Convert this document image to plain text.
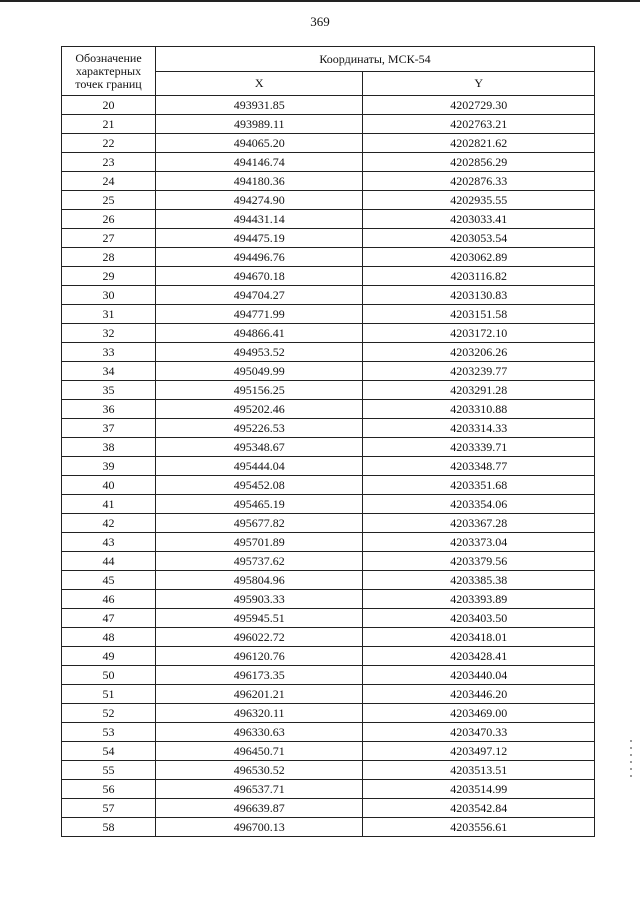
369
Обозначение
характерных
точек границ	Координаты, МСК-54	
	X	Y
20	493931.85	4202729.30
21	493989.11	4202763.21
22	494065.20	4202821.62
23	494146.74	4202856.29
24	494180.36	4202876.33
25	494274.90	4202935.55
26	494431.14	4203033.41
27	494475.19	4203053.54
28	494496.76	4203062.89
29	494670.18	4203116.82
30	494704.27	4203130.83
31	494771.99	4203151.58
32	494866.41	4203172.10
33	494953.52	4203206.26
34	495049.99	4203239.77
35	495156.25	4203291.28
36	495202.46	4203310.88
37	495226.53	4203314.33
38	495348.67	4203339.71
39	495444.04	4203348.77
40	495452.08	4203351.68
41	495465.19	4203354.06
42	495677.82	4203367.28
43	495701.89	4203373.04
44	495737.62	4203379.56
45	495804.96	4203385.38
46	495903.33	4203393.89
47	495945.51	4203403.50
48	496022.72	4203418.01
49	496120.76	4203428.41
50	496173.35	4203440.04
51	496201.21	4203446.20
52	496320.11	4203469.00
53	496330.63	4203470.33
54	496450.71	4203497.12
55	496530.52	4203513.51
56	496537.71	4203514.99
57	496639.87	4203542.84
58	496700.13	4203556.61
